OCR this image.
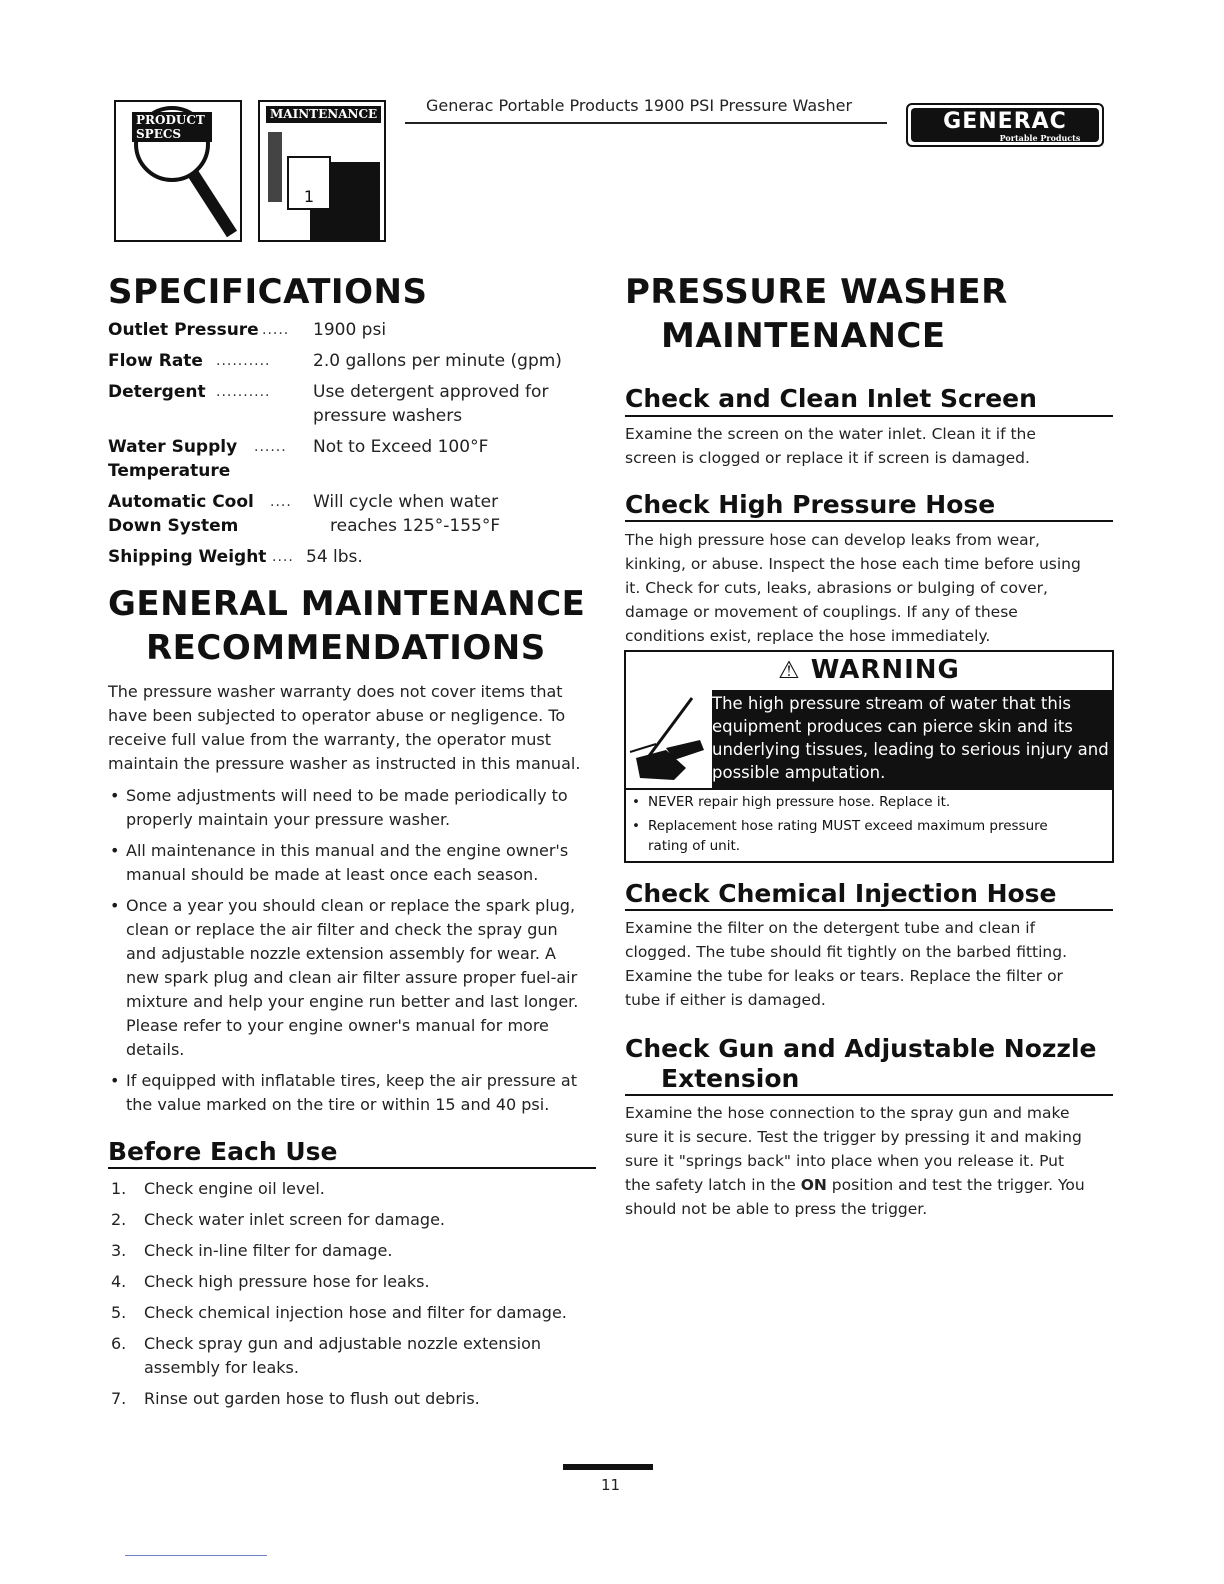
PRODUCT SPECS
MAINTENANCE
1
Generac Portable Products 1900 PSI Pressure Washer
GENERAC
Portable Products
SPECIFICATIONS
Outlet Pressure ..... 1900 psi
Flow Rate .......... 2.0 gallons per minute (gpm)
Detergent .......... Use detergent approved for
pressure washers
Water Supply
Temperature
...... Not to Exceed 100°F
Automatic Cool
Down System
.... Will cycle when water
reaches 125°-155°F
Shipping Weight .... 54 lbs.
GENERAL MAINTENANCE
RECOMMENDATIONS
The pressure washer warranty does not cover items that
have been subjected to operator abuse or negligence. To
receive full value from the warranty, the operator must
maintain the pressure washer as instructed in this manual.
• Some adjustments will need to be made periodically to
properly maintain your pressure washer.
• All maintenance in this manual and the engine owner's
manual should be made at least once each season.
• Once a year you should clean or replace the spark plug,
clean or replace the air filter and check the spray gun
and adjustable nozzle extension assembly for wear. A
new spark plug and clean air filter assure proper fuel-air
mixture and help your engine run better and last longer.
Please refer to your engine owner's manual for more
details.
• If equipped with inflatable tires, keep the air pressure at
the value marked on the tire or within 15 and 40 psi.
Before Each Use
1. Check engine oil level.
2. Check water inlet screen for damage.
3. Check in-line filter for damage.
4. Check high pressure hose for leaks.
5. Check chemical injection hose and filter for damage.
6. Check spray gun and adjustable nozzle extension
assembly for leaks.
7. Rinse out garden hose to flush out debris.
PRESSURE WASHER
MAINTENANCE
Check and Clean Inlet Screen
Examine the screen on the water inlet. Clean it if the
screen is clogged or replace it if screen is damaged.
Check High Pressure Hose
The high pressure hose can develop leaks from wear,
kinking, or abuse. Inspect the hose each time before using
it. Check for cuts, leaks, abrasions or bulging of cover,
damage or movement of couplings. If any of these
conditions exist, replace the hose immediately.
⚠ WARNING
The high pressure stream of water that this
equipment produces can pierce skin and its
underlying tissues, leading to serious injury and
possible amputation.
• NEVER repair high pressure hose. Replace it.
• Replacement hose rating MUST exceed maximum pressure
rating of unit.
Check Chemical Injection Hose
Examine the filter on the detergent tube and clean if
clogged. The tube should fit tightly on the barbed fitting.
Examine the tube for leaks or tears. Replace the filter or
tube if either is damaged.
Check Gun and Adjustable Nozzle
Extension
Examine the hose connection to the spray gun and make
sure it is secure. Test the trigger by pressing it and making
sure it "springs back" into place when you release it. Put
the safety latch in the ON position and test the trigger. You
should not be able to press the trigger.
11
